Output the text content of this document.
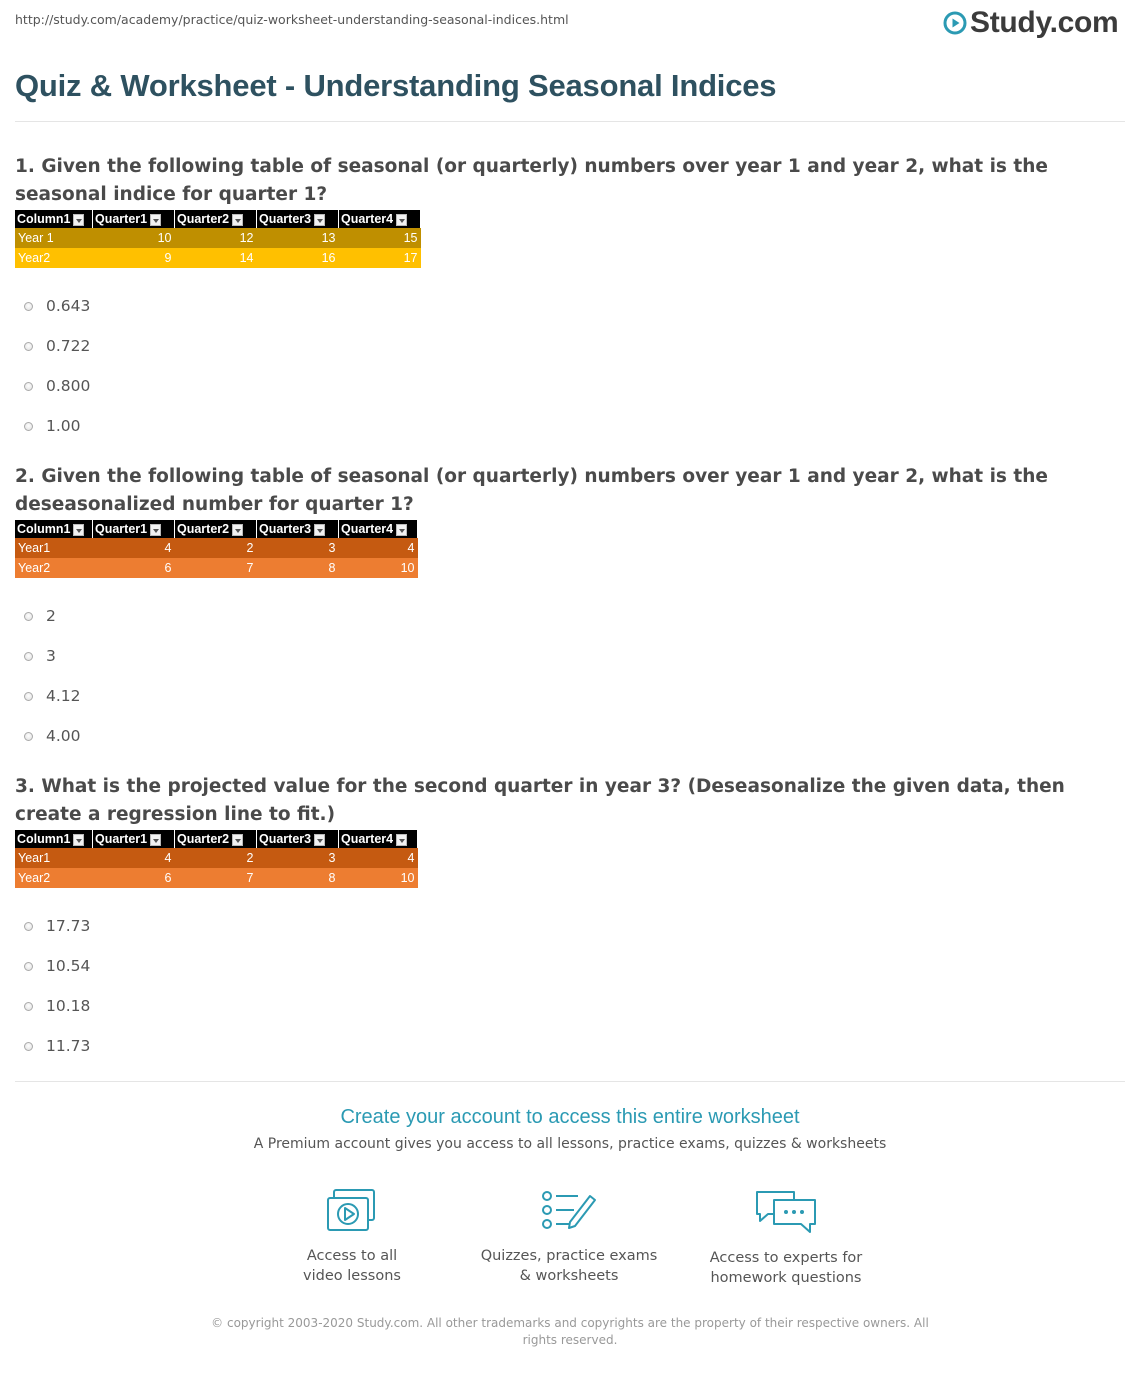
http://study.com/academy/practice/quiz-worksheet-understanding-seasonal-indices.html	Study.com
Quiz & Worksheet - Understanding Seasonal Indices

1. Given the following table of seasonal (or quarterly) numbers over year 1 and year 2, what is the seasonal indice for quarter 1?

Column1	Quarter1	Quarter2	Quarter3	Quarter4
Year 1	10	12	13	15
Year2	9	14	16	17
0.643
0.722
0.800
1.00

2. Given the following table of seasonal (or quarterly) numbers over year 1 and year 2, what is the deseasonalized number for quarter 1?

Column1	Quarter1	Quarter2	Quarter3	Quarter4
Year1	4	2	3	4
Year2	6	7	8	10
2
3
4.12
4.00

3. What is the projected value for the second quarter in year 3? (Deseasonalize the given data, then create a regression line to fit.)

Column1	Quarter1	Quarter2	Quarter3	Quarter4
Year1	4	2	3	4
Year2	6	7	8	10
17.73
10.54
10.18
11.73
Create your account to access this entire worksheet
A Premium account gives you access to all lessons, practice exams, quizzes & worksheets
Access to all
video lessons
Quizzes, practice exams
& worksheets
Access to experts for
homework questions
© copyright 2003-2020 Study.com. All other trademarks and copyrights are the property of their respective owners. All rights reserved.
